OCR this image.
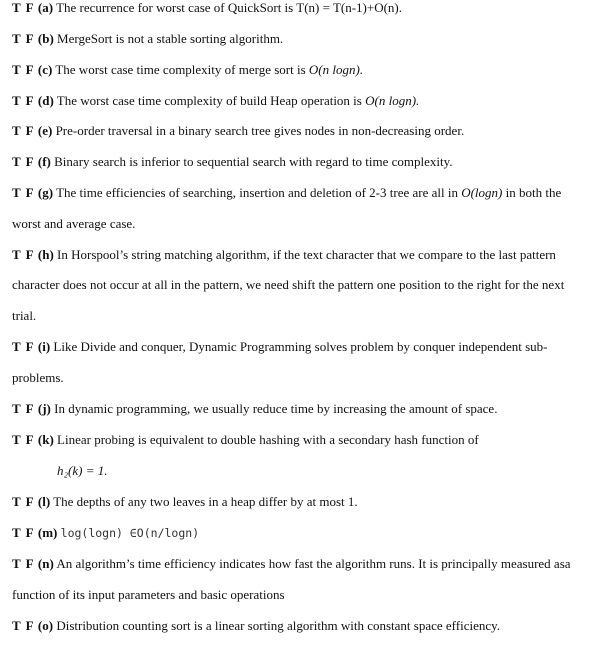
T F (a) The recurrence for worst case of QuickSort is T(n) = T(n-1)+O(n).
T F (b) MergeSort is not a stable sorting algorithm.
T F (c) The worst case time complexity of merge sort is O(n logn).
T F (d) The worst case time complexity of build Heap operation is O(n logn).
T F (e) Pre-order traversal in a binary search tree gives nodes in non-decreasing order.
T F (f) Binary search is inferior to sequential search with regard to time complexity.
T F (g) The time efficiencies of searching, insertion and deletion of 2-3 tree are all in O(logn) in both the
worst and average case.
T F (h) In Horspool’s string matching algorithm, if the text character that we compare to the last pattern
character does not occur at all in the pattern, we need shift the pattern one position to the right for the next
trial.
T F (i) Like Divide and conquer, Dynamic Programming solves problem by conquer independent sub-
problems.
T F (j) In dynamic programming, we usually reduce time by increasing the amount of space.
T F (k) Linear probing is equivalent to double hashing with a secondary hash function of
h₂(k) = 1.
T F (l) The depths of any two leaves in a heap differ by at most 1.
T F (m) log(logn) ∈O(n/logn)
T F (n) An algorithm’s time efficiency indicates how fast the algorithm runs. It is principally measured asa
function of its input parameters and basic operations
T F (o) Distribution counting sort is a linear sorting algorithm with constant space efficiency.
